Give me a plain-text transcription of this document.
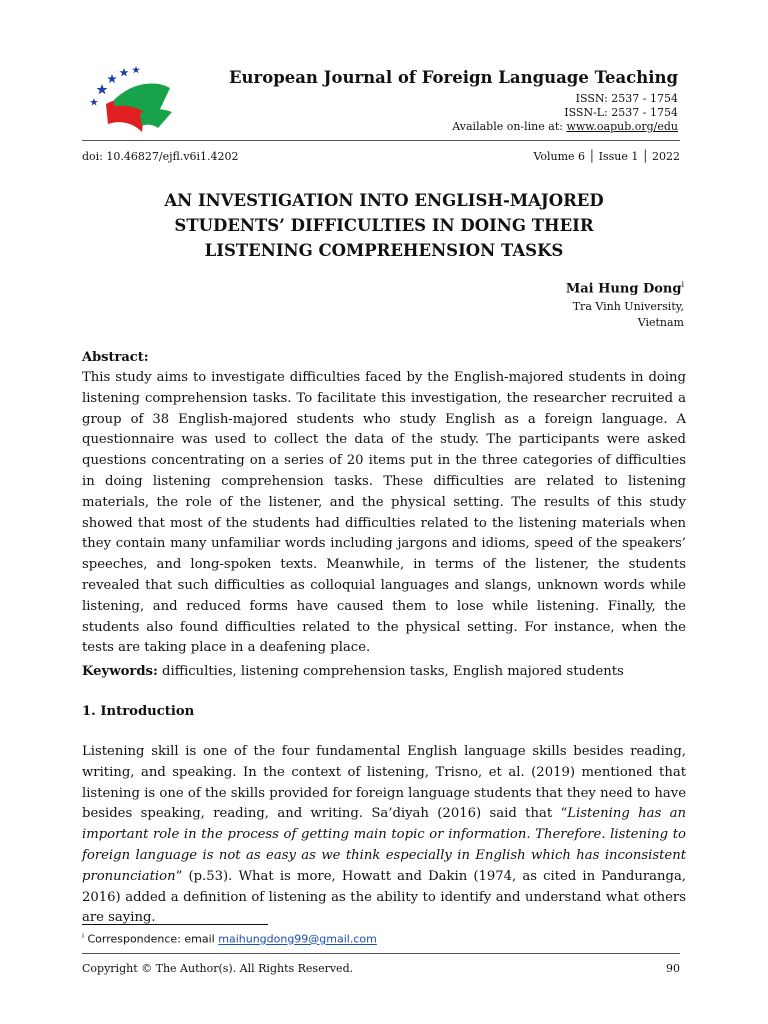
European Journal of Foreign Language Teaching
ISSN: 2537 - 1754
ISSN-L: 2537 - 1754
Available on-line at: www.oapub.org/edu
doi: 10.46827/ejfl.v6i1.4202	Volume 6 │ Issue 1 │ 2022
AN INVESTIGATION INTO ENGLISH-MAJORED
STUDENTS’ DIFFICULTIES IN DOING THEIR
LISTENING COMPREHENSION TASKS
Mai Hung Dong$^i$
Tra Vinh University,
Vietnam
Abstract:
This study aims to investigate difficulties faced by the English-majored students in doing listening comprehension tasks. To facilitate this investigation, the researcher recruited a group of 38 English-majored students who study English as a foreign language. A questionnaire was used to collect the data of the study. The participants were asked questions concentrating on a series of 20 items put in the three categories of difficulties in doing listening comprehension tasks. These difficulties are related to listening materials, the role of the listener, and the physical setting. The results of this study showed that most of the students had difficulties related to the listening materials when they contain many unfamiliar words including jargons and idioms, speed of the speakers’ speeches, and long-spoken texts. Meanwhile, in terms of the listener, the students revealed that such difficulties as colloquial languages and slangs, unknown words while listening, and reduced forms have caused them to lose while listening. Finally, the students also found difficulties related to the physical setting. For instance, when the tests are taking place in a deafening place.
Keywords: difficulties, listening comprehension tasks, English majored students
1. Introduction
Listening skill is one of the four fundamental English language skills besides reading, writing, and speaking. In the context of listening, Trisno, et al. (2019) mentioned that listening is one of the skills provided for foreign language students that they need to have besides speaking, reading, and writing. Sa’diyah (2016) said that “Listening has an important role in the process of getting main topic or information. Therefore. listening to foreign language is not as easy as we think especially in English which has inconsistent pronunciation” (p.53). What is more, Howatt and Dakin (1974, as cited in Panduranga, 2016) added a definition of listening as the ability to identify and understand what others are saying.
$^i$ Correspondence: email maihungdong99@gmail.com
Copyright © The Author(s). All Rights Reserved.	90
